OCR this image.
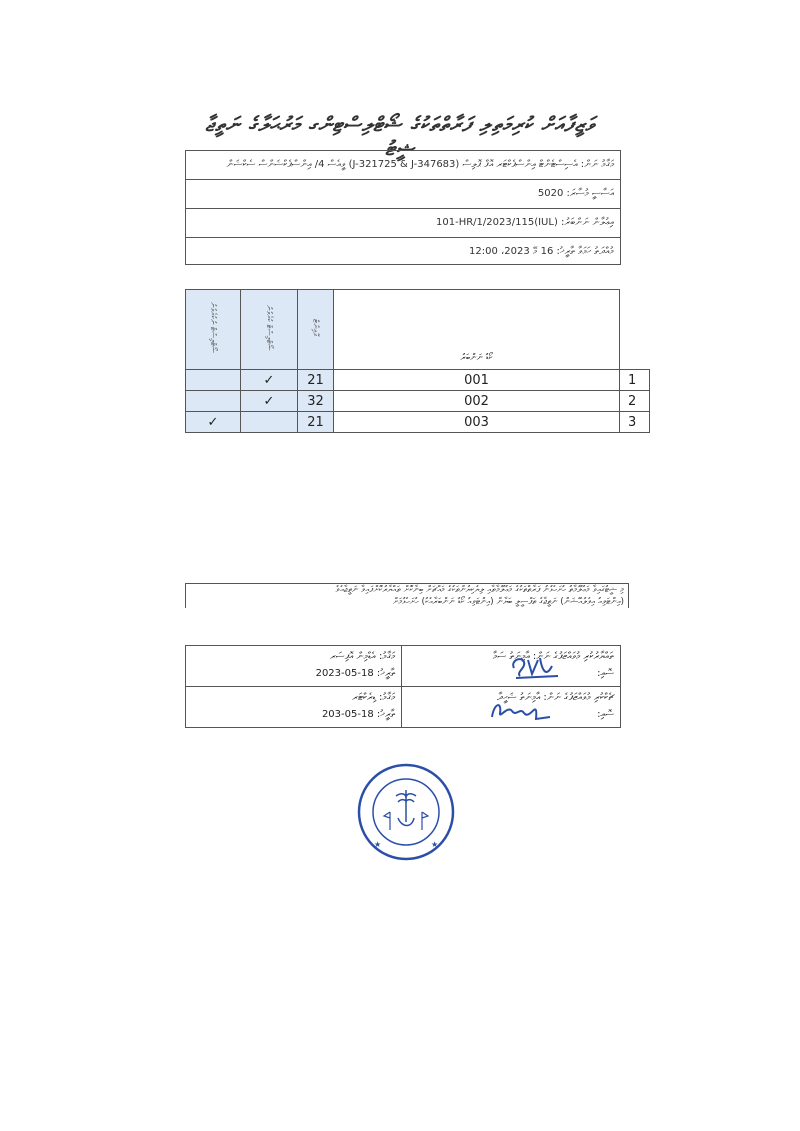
ވަޒީފާއަށް ކުރިމަތިލި ފަރާތްތަކުގެ ޝޯޓްލިސްޓިންގ މަރުޙަލާގެ ނަތީޖާ ޝީޓު
މަޤާމު ނަން: އެސިސްޓެންޓް އިންސްޕެކްޓަރ އޮފް ޕޮލިސް (J-321725 & J-347683) ވީއެސް 4/ އިންސްޕެކްޝަންސް ސެކްޝަން
އަސާސީ މުސާރަ: 5020
އިޢުލާން ނަންބަރު: (IUL)101-HR/1/2023/115
މުއްދަތު ހަމަވާ ތާރީޚު: 16 މޭ 2023، 12:00
ޝޯޓްލިސްޓް ނުކުރެވުނު	ޝޯޓްލިސްޓް ކުރެވުނު	ޕޮއިންޓް	ކޯޑު ނަންބަރު	
	✓	21	001	1
	✓	32	002	2
✓		21	003	3
މި ޝީޓުގައިވާ މަޢުލޫމާތު ހުށަހެޅުނު ފަރާތްތަކުގެ މަޢުލޫމާތާއި ލިޔެކިޔުންތަކުގެ މައްޗަށް ބިނާކޮށް ތައްޔާރުކޮށްފައިވާ ނަތީޖާއެވެ
(އިންޓަވިއު އިވެލުއޭޝަން) ނަތީޖާގެ ތަފްސީލީ ބަޔާން (އިންޓަވިއު ކޯޑު ނަންބަރާއެކު) ހުށަހެޅުމަށް
ތައްޔާރުކުރި މުވައްޒަފުގެ ނަން: އާމިނަތު ސަމާ
ސޮއި:
މަޤާމު: އެޑްމިން އޮފިސަރ
ތާރީޚު: 18-05-2023
ޗެކްކުރި މުވައްޒަފުގެ ނަން: އާމިނަތު ޝަހީދާ
ސޮއި:
މަޤާމު: ޑިރެކްޓަރ
ތާރީޚު: 18-05-203
★	★
